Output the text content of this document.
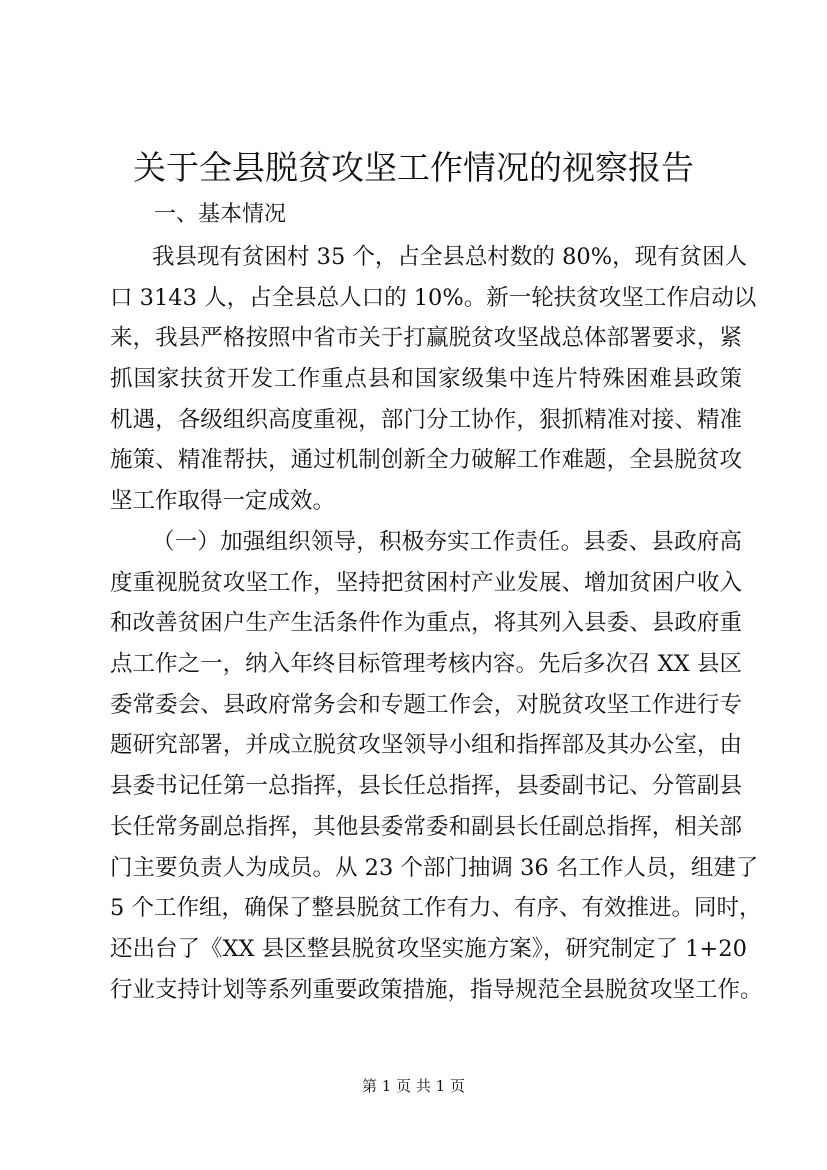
关于全县脱贫攻坚工作情况的视察报告
一、基本情况
我县现有贫困村 35 个，占全县总村数的 80%，现有贫困人
口 3143 人，占全县总人口的 10%。新一轮扶贫攻坚工作启动以
来，我县严格按照中省市关于打赢脱贫攻坚战总体部署要求，紧
抓国家扶贫开发工作重点县和国家级集中连片特殊困难县政策
机遇，各级组织高度重视，部门分工协作，狠抓精准对接、精准
施策、精准帮扶，通过机制创新全力破解工作难题，全县脱贫攻
坚工作取得一定成效。
（一）加强组织领导，积极夯实工作责任。县委、县政府高
度重视脱贫攻坚工作，坚持把贫困村产业发展、增加贫困户收入
和改善贫困户生产生活条件作为重点，将其列入县委、县政府重
点工作之一，纳入年终目标管理考核内容。先后多次召 XX 县区
委常委会、县政府常务会和专题工作会，对脱贫攻坚工作进行专
题研究部署，并成立脱贫攻坚领导小组和指挥部及其办公室，由
县委书记任第一总指挥，县长任总指挥，县委副书记、分管副县
长任常务副总指挥，其他县委常委和副县长任副总指挥，相关部
门主要负责人为成员。从 23 个部门抽调 36 名工作人员，组建了
5 个工作组，确保了整县脱贫工作有力、有序、有效推进。同时，
还出台了《XX 县区整县脱贫攻坚实施方案》，研究制定了 1+20
行业支持计划等系列重要政策措施，指导规范全县脱贫攻坚工作。
第 1 页 共 1 页
